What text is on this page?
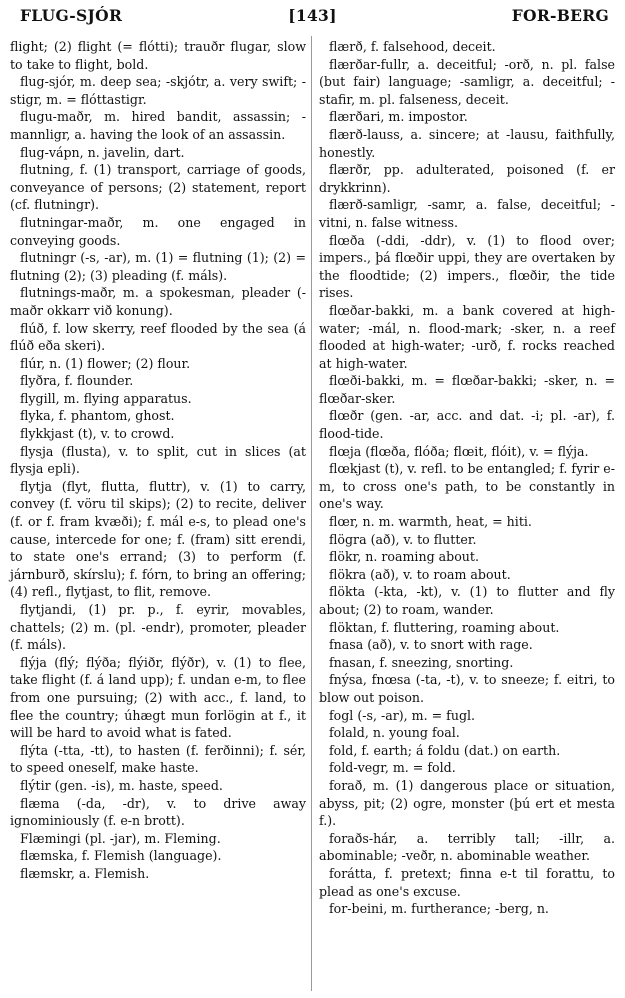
FLUG-SJÓR	[143]	FOR-BERG

flight; (2) flight (= flótti); trauðr flugar, slow to take to flight, bold.

flug-sjór, m. deep sea; -skjótr, a. very swift; -stigr, m. = flóttastigr.

flugu-maðr, m. hired bandit, assassin; -mannligr, a. having the look of an assassin.

flug-vápn, n. javelin, dart.

flutning, f. (1) transport, carriage of goods, conveyance of persons; (2) statement, report (cf. flutningr).

flutningar-maðr, m. one engaged in conveying goods.

flutningr (-s, -ar), m. (1) = flutning (1); (2) = flutning (2); (3) pleading (f. máls).

flutnings-maðr, m. a spokesman, pleader (-maðr okkarr við konung).

flúð, f. low skerry, reef flooded by the sea (á flúð eða skeri).

flúr, n. (1) flower; (2) flour.

flyðra, f. flounder.

flygill, m. flying apparatus.

flyka, f. phantom, ghost.

flykkjast (t), v. to crowd.

flysja (flusta), v. to split, cut in slices (at flysja epli).

flytja (flyt, flutta, fluttr), v. (1) to carry, convey (f. vöru til skips); (2) to recite, deliver (f. or f. fram kvæði); f. mál e-s, to plead one's cause, intercede for one; f. (fram) sitt erendi, to state one's errand; (3) to perform (f. járnburð, skírslu); f. fórn, to bring an offering; (4) refl., flytjast, to flit, remove.

flytjandi, (1) pr. p., f. eyrir, movables, chattels; (2) m. (pl. -endr), promoter, pleader (f. máls).

flýja (flý; flýða; flýiðr, flýðr), v. (1) to flee, take flight (f. á land upp); f. undan e-m, to flee from one pursuing; (2) with acc., f. land, to flee the country; úhægt mun forlögin at f., it will be hard to avoid what is fated.

flýta (-tta, -tt), to hasten (f. ferðinni); f. sér, to speed oneself, make haste.

flýtir (gen. -is), m. haste, speed.

flæma (-da, -dr), v. to drive away ignominiously (f. e-n brott).

Flæmingi (pl. -jar), m. Fleming.

flæmska, f. Flemish (language).

flæmskr, a. Flemish.

flærð, f. falsehood, deceit.

flærðar-fullr, a. deceitful; -orð, n. pl. false (but fair) language; -samligr, a. deceitful; -stafir, m. pl. falseness, deceit.

flærðari, m. impostor.

flærð-lauss, a. sincere; at -lausu, faithfully, honestly.

flærðr, pp. adulterated, poisoned (f. er drykkrinn).

flærð-samligr, -samr, a. false, deceitful; -vitni, n. false witness.

flœða (-ddi, -ddr), v. (1) to flood over; impers., þá flœðir uppi, they are overtaken by the floodtide; (2) impers., flœðir, the tide rises.

flœðar-bakki, m. a bank covered at high-water; -mál, n. flood-mark; -sker, n. a reef flooded at high-water; -urð, f. rocks reached at high-water.

flœði-bakki, m. = flœðar-bakki; -sker, n. = flœðar-sker.

flœðr (gen. -ar, acc. and dat. -i; pl. -ar), f. flood-tide.

flœja (flœða, flóða; flœit, flóit), v. = flýja.

flœkjast (t), v. refl. to be entangled; f. fyrir e-m, to cross one's path, to be constantly in one's way.

flœr, n. m. warmth, heat, = hiti.

flögra (að), v. to flutter.

flökr, n. roaming about.

flökra (að), v. to roam about.

flökta (-kta, -kt), v. (1) to flutter and fly about; (2) to roam, wander.

flöktan, f. fluttering, roaming about.

fnasa (að), v. to snort with rage.

fnasan, f. sneezing, snorting.

fnýsa, fnœsa (-ta, -t), v. to sneeze; f. eitri, to blow out poison.

fogl (-s, -ar), m. = fugl.

folald, n. young foal.

fold, f. earth; á foldu (dat.) on earth.

fold-vegr, m. = fold.

forað, m. (1) dangerous place or situation, abyss, pit; (2) ogre, monster (þú ert et mesta f.).

foraðs-hár, a. terribly tall; -illr, a. abominable; -veðr, n. abominable weather.

forátta, f. pretext; finna e-t til forattu, to plead as one's excuse.

for-beini, m. furtherance; -berg, n.
